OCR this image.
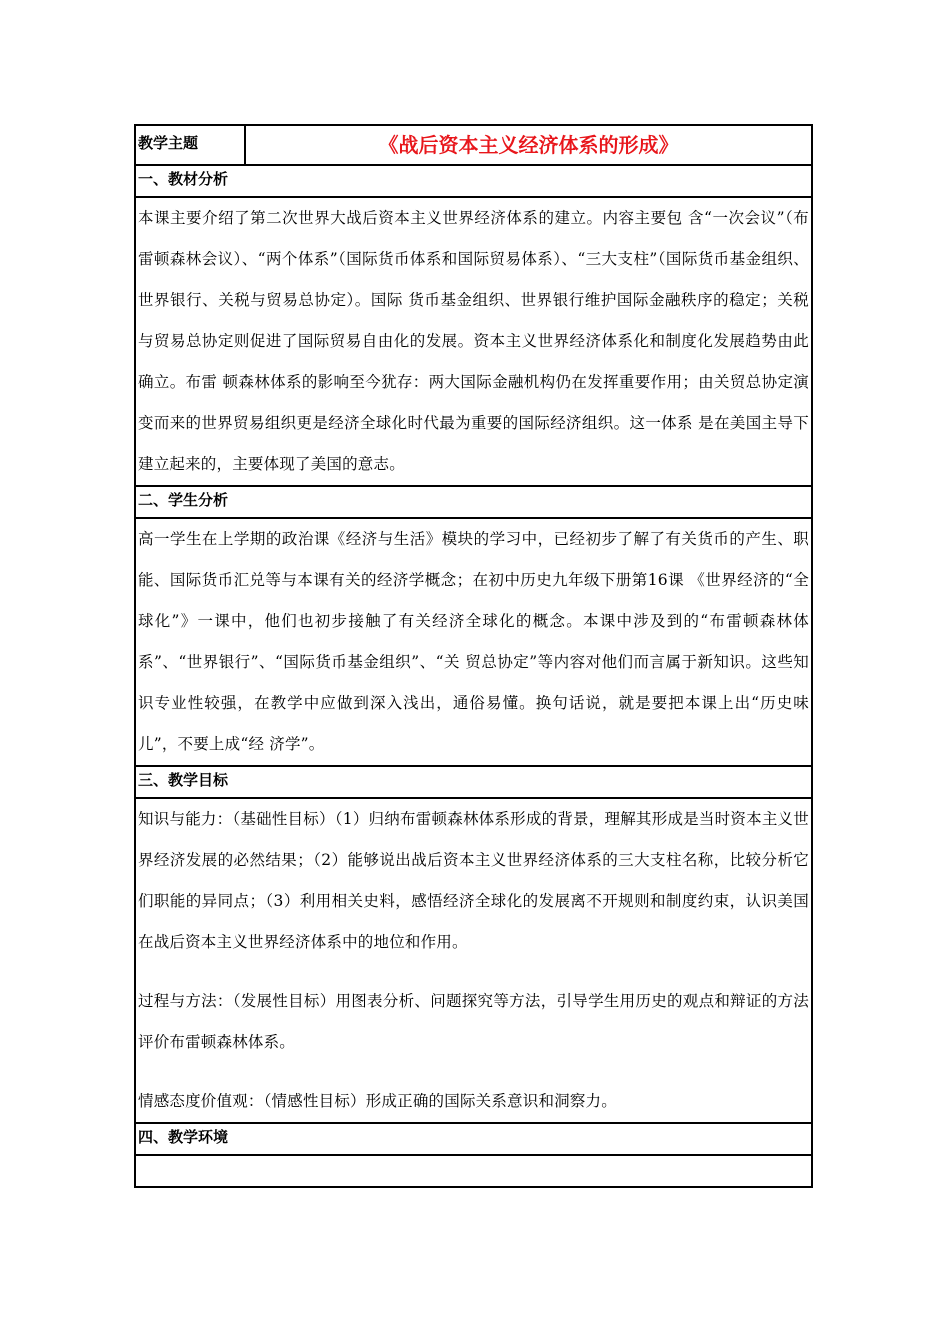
教学主题	《战后资本主义经济体系的形成》
一、教材分析

本课主要介绍了第二次世界大战后资本主义世界经济体系的建立。内容主要包 含“一次会议”（布雷顿森林会议）、“两个体系”（国际货币体系和国际贸易体系）、“三大支柱”（国际货币基金组织、世界银行、关税与贸易总协定）。国际 货币基金组织、世界银行维护国际金融秩序的稳定；关税与贸易总协定则促进了国际贸易自由化的发展。资本主义世界经济体系化和制度化发展趋势由此确立。布雷 顿森林体系的影响至今犹存：两大国际金融机构仍在发挥重要作用；由关贸总协定演变而来的世界贸易组织更是经济全球化时代最为重要的国际经济组织。这一体系 是在美国主导下建立起来的，主要体现了美国的意志。

二、学生分析

高一学生在上学期的政治课《经济与生活》模块的学习中，已经初步了解了有关货币的产生、职能、国际货币汇兑等与本课有关的经济学概念；在初中历史九年级下册第16课 《世界经济的“全球化”》一课中，他们也初步接触了有关经济全球化的概念。本课中涉及到的“布雷顿森林体系”、“世界银行”、“国际货币基金组织”、“关 贸总协定”等内容对他们而言属于新知识。这些知识专业性较强，在教学中应做到深入浅出，通俗易懂。换句话说，就是要把本课上出“历史味儿”，不要上成“经 济学”。

三、教学目标

知识与能力：（基础性目标）（1）归纳布雷顿森林体系形成的背景，理解其形成是当时资本主义世界经济发展的必然结果；（2）能够说出战后资本主义世界经济体系的三大支柱名称，比较分析它们职能的异同点；（3）利用相关史料，感悟经济全球化的发展离不开规则和制度约束，认识美国在战后资本主义世界经济体系中的地位和作用。

过程与方法：（发展性目标）用图表分析、问题探究等方法，引导学生用历史的观点和辩证的方法评价布雷顿森林体系。

情感态度价值观：（情感性目标）形成正确的国际关系意识和洞察力。

四、教学环境
